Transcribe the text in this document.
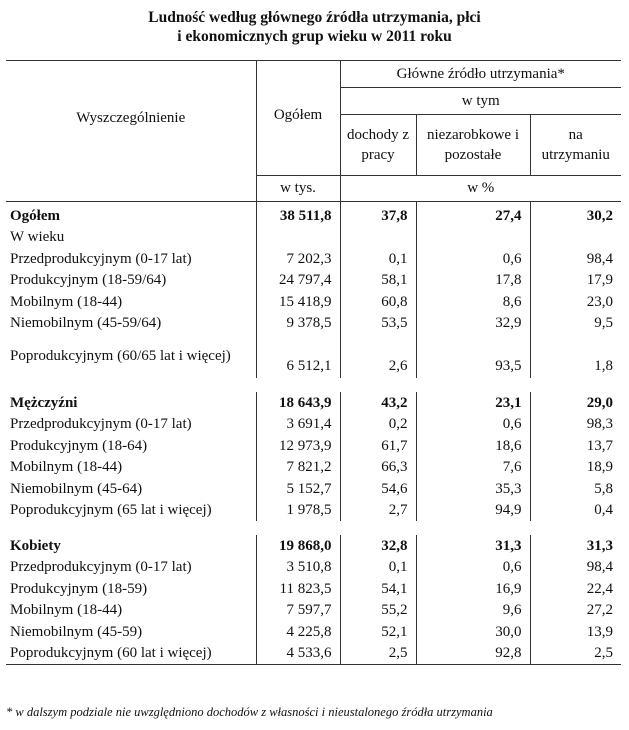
Ludność według głównego źródła utrzymania, płci
i ekonomicznych grup wieku w 2011 roku
Wyszczególnienie	Ogółem	Główne źródło utrzymania*		
		w tym		
		dochody z pracy	niezarobkowe i pozostałe	na utrzymaniu
	w tys.	w %		
Ogółem	38 511,8	37,8	27,4	30,2
W wieku				
Przedprodukcyjnym (0-17 lat)	7 202,3	0,1	0,6	98,4
Produkcyjnym (18-59/64)	24 797,4	58,1	17,8	17,9
Mobilnym (18-44)	15 418,9	60,8	8,6	23,0
Niemobilnym (45-59/64)	9 378,5	53,5	32,9	9,5
Poprodukcyjnym (60/65 lat i więcej)	6 512,1	2,6	93,5	1,8

Mężczyźni	18 643,9	43,2	23,1	29,0
Przedprodukcyjnym (0-17 lat)	3 691,4	0,2	0,6	98,3
Produkcyjnym (18-64)	12 973,9	61,7	18,6	13,7
Mobilnym (18-44)	7 821,2	66,3	7,6	18,9
Niemobilnym (45-64)	5 152,7	54,6	35,3	5,8
Poprodukcyjnym (65 lat i więcej)	1 978,5	2,7	94,9	0,4

Kobiety	19 868,0	32,8	31,3	31,3
Przedprodukcyjnym (0-17 lat)	3 510,8	0,1	0,6	98,4
Produkcyjnym (18-59)	11 823,5	54,1	16,9	22,4
Mobilnym (18-44)	7 597,7	55,2	9,6	27,2
Niemobilnym (45-59)	4 225,8	52,1	30,0	13,9
Poprodukcyjnym (60 lat i więcej)	4 533,6	2,5	92,8	2,5
* w dalszym podziale nie uwzględniono dochodów z własności i nieustalonego źródła utrzymania
